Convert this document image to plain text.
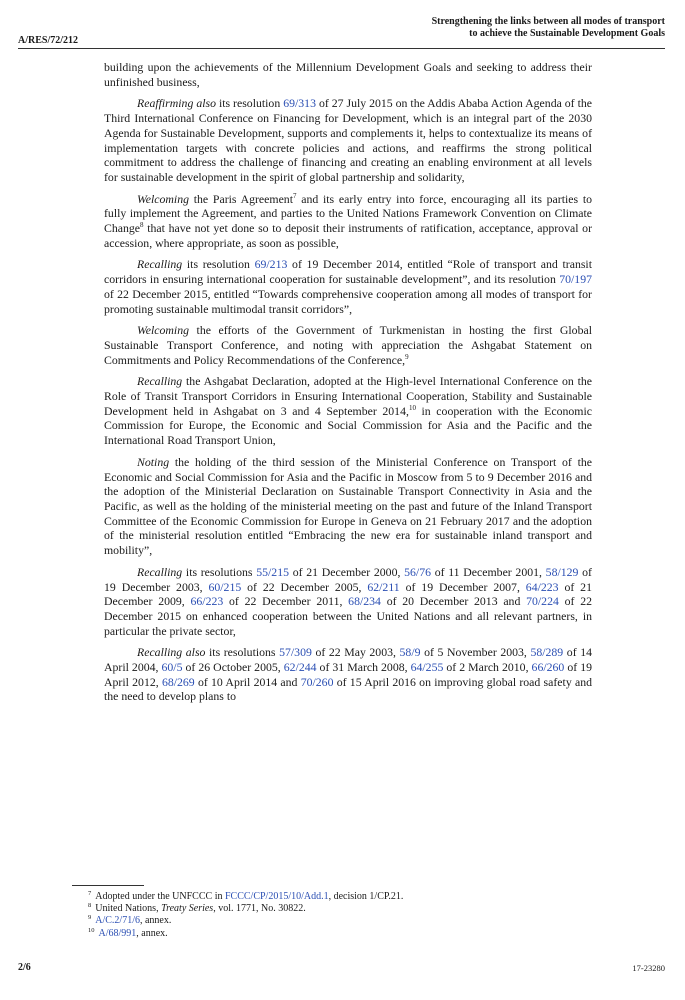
A/RES/72/212
Strengthening the links between all modes of transport
to achieve the Sustainable Development Goals

building upon the achievements of the Millennium Development Goals and seeking to address their unfinished business,

Reaffirming also its resolution 69/313 of 27 July 2015 on the Addis Ababa Action Agenda of the Third International Conference on Financing for Development, which is an integral part of the 2030 Agenda for Sustainable Development, supports and complements it, helps to contextualize its means of implementation targets with concrete policies and actions, and reaffirms the strong political commitment to address the challenge of financing and creating an enabling environment at all levels for sustainable development in the spirit of global partnership and solidarity,

Welcoming the Paris Agreement$^7$ and its early entry into force, encouraging all its parties to fully implement the Agreement, and parties to the United Nations Framework Convention on Climate Change$^8$ that have not yet done so to deposit their instruments of ratification, acceptance, approval or accession, where appropriate, as soon as possible,

Recalling its resolution 69/213 of 19 December 2014, entitled “Role of transport and transit corridors in ensuring international cooperation for sustainable development”, and its resolution 70/197 of 22 December 2015, entitled “Towards comprehensive cooperation among all modes of transport for promoting sustainable multimodal transit corridors”,

Welcoming the efforts of the Government of Turkmenistan in hosting the first Global Sustainable Transport Conference, and noting with appreciation the Ashgabat Statement on Commitments and Policy Recommendations of the Conference,$^9$

Recalling the Ashgabat Declaration, adopted at the High-level International Conference on the Role of Transit Transport Corridors in Ensuring International Cooperation, Stability and Sustainable Development held in Ashgabat on 3 and 4 September 2014,10 in cooperation with the Economic Commission for Europe, the Economic and Social Commission for Asia and the Pacific and the International Road Transport Union,

Noting the holding of the third session of the Ministerial Conference on Transport of the Economic and Social Commission for Asia and the Pacific in Moscow from 5 to 9 December 2016 and the adoption of the Ministerial Declaration on Sustainable Transport Connectivity in Asia and the Pacific, as well as the holding of the ministerial meeting on the past and future of the Inland Transport Committee of the Economic Commission for Europe in Geneva on 21 February 2017 and the adoption of the ministerial resolution entitled “Embracing the new era for sustainable inland transport and mobility”,

Recalling its resolutions 55/215 of 21 December 2000, 56/76 of 11 December 2001, 58/129 of 19 December 2003, 60/215 of 22 December 2005, 62/211 of 19 December 2007, 64/223 of 21 December 2009, 66/223 of 22 December 2011, 68/234 of 20 December 2013 and 70/224 of 22 December 2015 on enhanced cooperation between the United Nations and all relevant partners, in particular the private sector,

Recalling also its resolutions 57/309 of 22 May 2003, 58/9 of 5 November 2003, 58/289 of 14 April 2004, 60/5 of 26 October 2005, 62/244 of 31 March 2008, 64/255 of 2 March 2010, 66/260 of 19 April 2012, 68/269 of 10 April 2014 and 70/260 of 15 April 2016 on improving global road safety and the need to develop plans to

$^7$ Adopted under the UNFCCC in FCCC/CP/2015/10/Add.1, decision 1/CP.21.
$^8$ United Nations, Treaty Series, vol. 1771, No. 30822.
$^9$ A/C.2/71/6, annex.
$^{10}$ A/68/991, annex.
2/6	17-23280
